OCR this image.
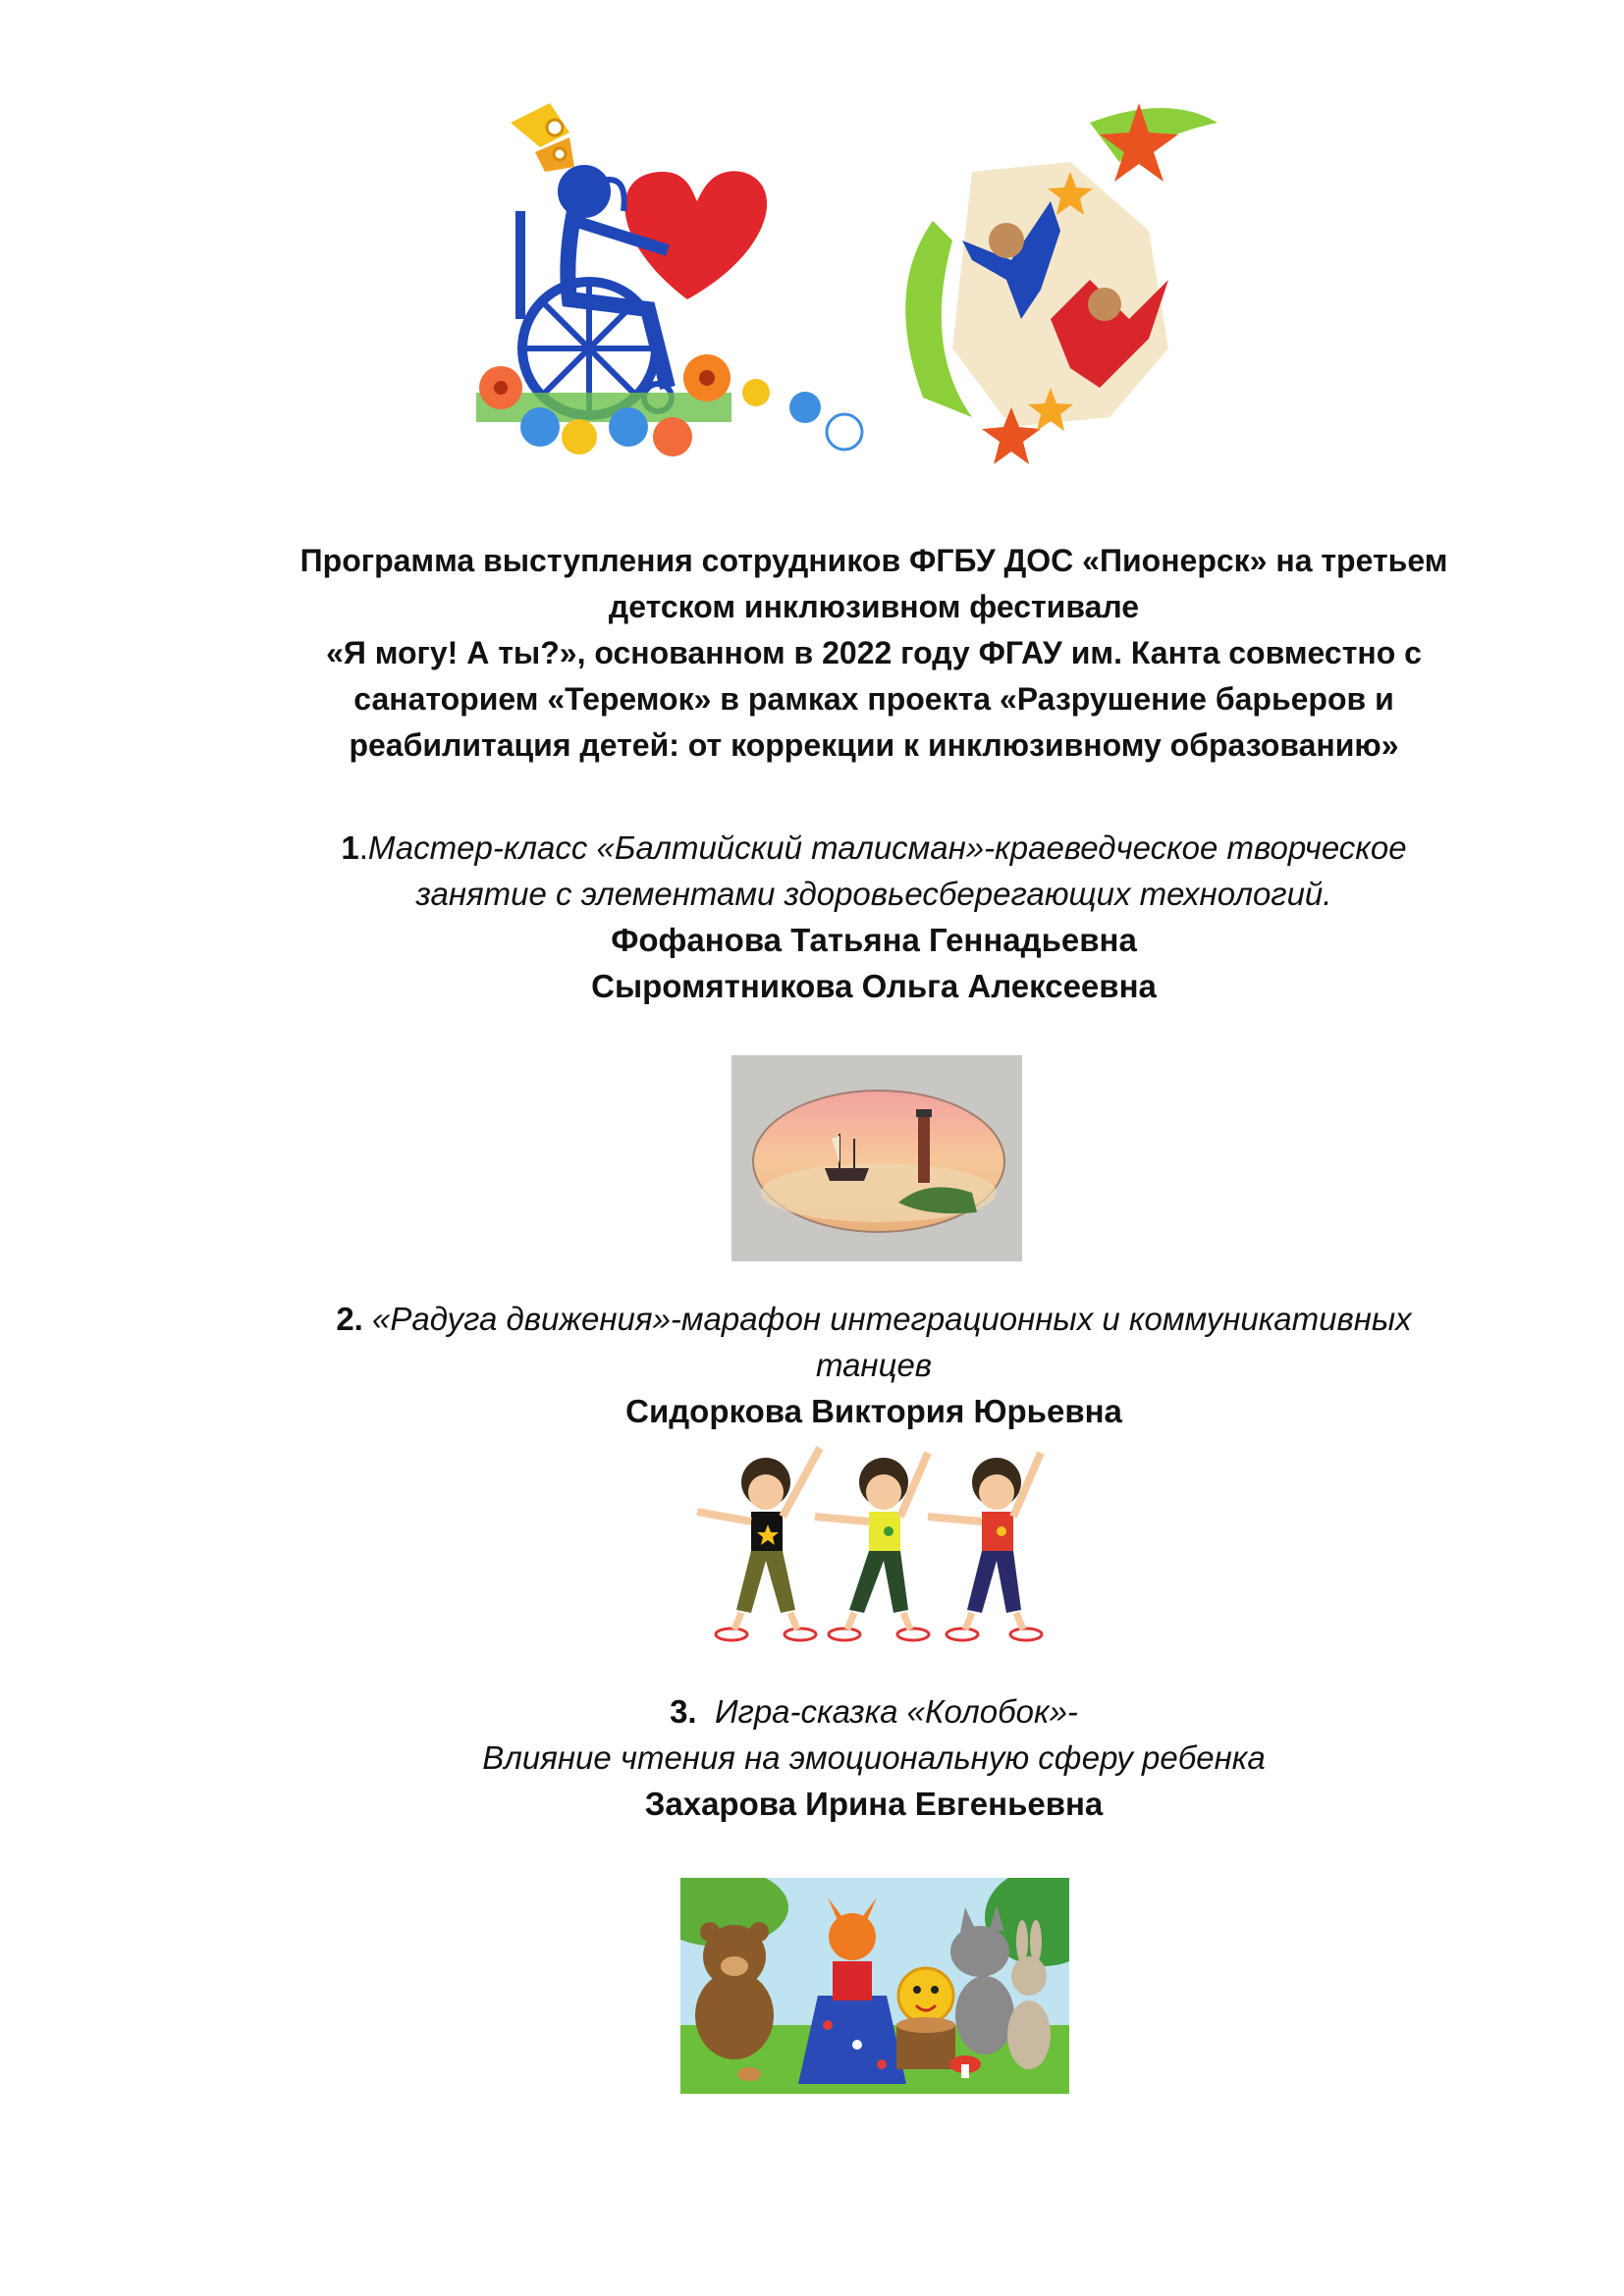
Программа выступления сотрудников ФГБУ ДОС «Пионерск» на третьем
детском инклюзивном фестивале
«Я могу! А ты?», основанном в 2022 году ФГАУ им. Канта совместно с
санаторием «Теремок» в рамках проекта «Разрушение барьеров и
реабилитация детей: от коррекции к инклюзивному образованию»
1.Мастер-класс «Балтийский талисман»-краеведческое творческое
занятие с элементами здоровьесберегающих технологий.
Фофанова Татьяна Геннадьевна
Сыромятникова Ольга Алексеевна
2. «Радуга движения»-марафон интеграционных и коммуникативных
танцев
Сидоркова Виктория Юрьевна
3. Игра-сказка «Колобок»-
Влияние чтения на эмоциональную сферу ребенка
Захарова Ирина Евгеньевна
